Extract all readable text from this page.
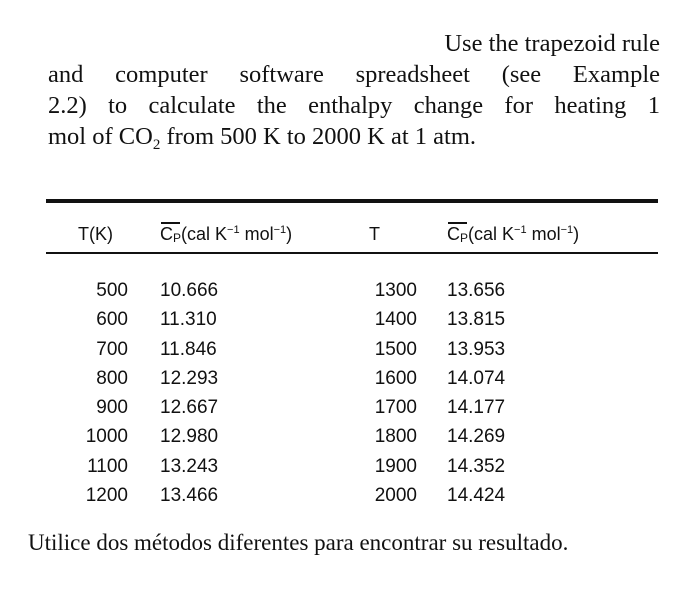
Use the trapezoid rule
and computer software spreadsheet (see Example
2.2) to calculate the enthalpy change for heating 1
mol of $CO_2$ from 500 K to 2000 K at 1 atm.
T(K)	CP(cal $K^{-1}$ mol$^{-1}$)	T	CP(cal $K^{-1}$ mol$^{-1}$)
500 10.666	1300 13.656
600 11.310	1400 13.815
700 11.846	1500 13.953
800 12.293	1600 14.074
900 12.667	1700 14.177
1000 12.980	1800 14.269
1100 13.243	1900 14.352
1200 13.466	2000 14.424
Utilice dos métodos diferentes para encontrar su resultado.
